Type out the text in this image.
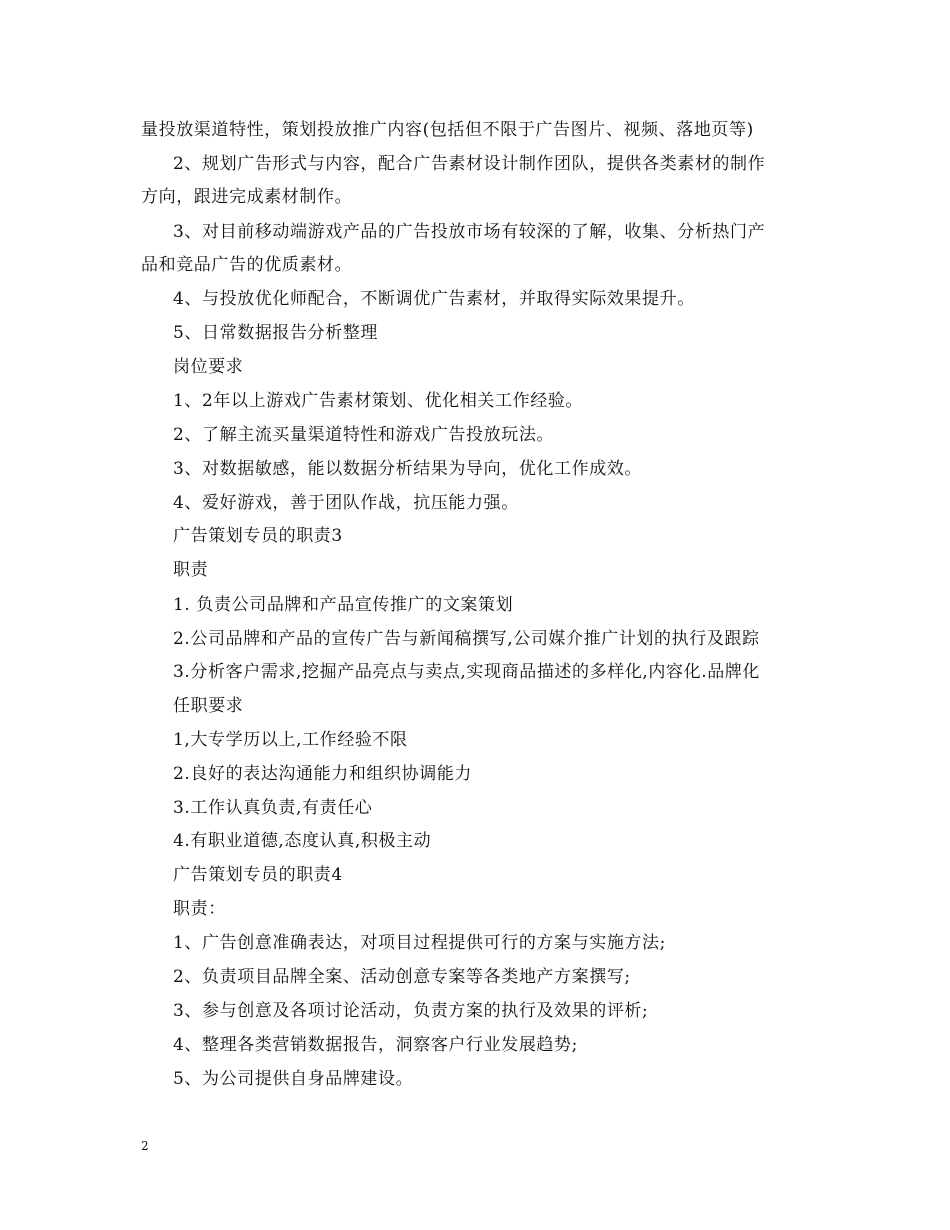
量投放渠道特性，策划投放推广内容(包括但不限于广告图片、视频、落地页等)
2、规划广告形式与内容，配合广告素材设计制作团队，提供各类素材的制作
方向，跟进完成素材制作。
3、对目前移动端游戏产品的广告投放市场有较深的了解，收集、分析热门产
品和竞品广告的优质素材。
4、与投放优化师配合，不断调优广告素材，并取得实际效果提升。
5、日常数据报告分析整理
岗位要求
1、2年以上游戏广告素材策划、优化相关工作经验。
2、了解主流买量渠道特性和游戏广告投放玩法。
3、对数据敏感，能以数据分析结果为导向，优化工作成效。
4、爱好游戏，善于团队作战，抗压能力强。
广告策划专员的职责3
职责
1. 负责公司品牌和产品宣传推广的文案策划
2.公司品牌和产品的宣传广告与新闻稿撰写,公司媒介推广计划的执行及跟踪
3.分析客户需求,挖掘产品亮点与卖点,实现商品描述的多样化,内容化.品牌化
任职要求
1,大专学历以上,工作经验不限
2.良好的表达沟通能力和组织协调能力
3.工作认真负责,有责任心
4.有职业道德,态度认真,积极主动
广告策划专员的职责4
职责：
1、广告创意准确表达，对项目过程提供可行的方案与实施方法;
2、负责项目品牌全案、活动创意专案等各类地产方案撰写;
3、参与创意及各项讨论活动，负责方案的执行及效果的评析;
4、整理各类营销数据报告，洞察客户行业发展趋势;
5、为公司提供自身品牌建设。
2
